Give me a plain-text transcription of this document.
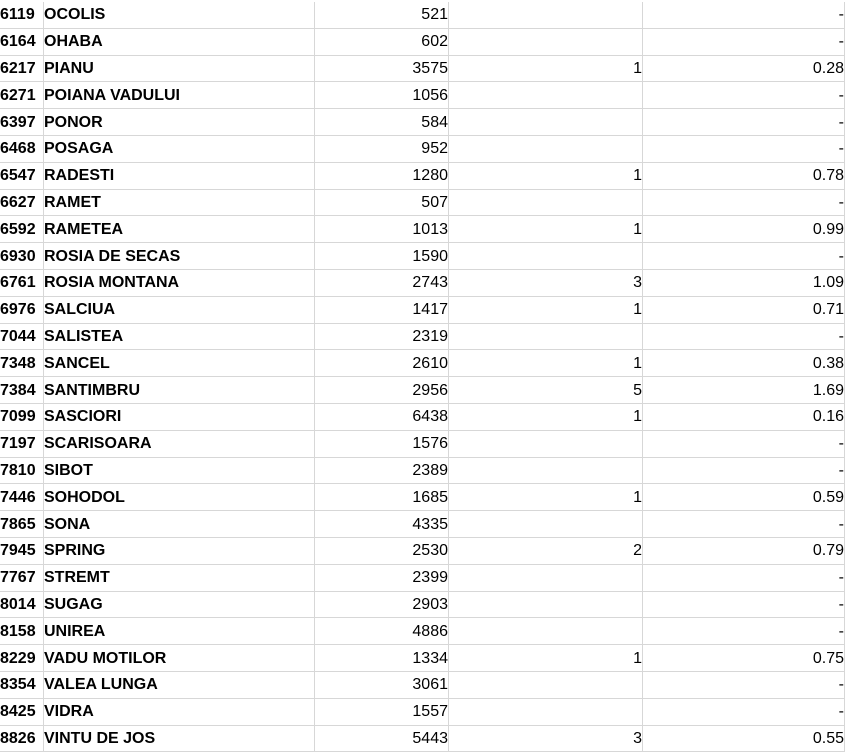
6119	OCOLIS	521		-
6164	OHABA	602		-
6217	PIANU	3575	1	0.28
6271	POIANA VADULUI	1056		-
6397	PONOR	584		-
6468	POSAGA	952		-
6547	RADESTI	1280	1	0.78
6627	RAMET	507		-
6592	RAMETEA	1013	1	0.99
6930	ROSIA DE SECAS	1590		-
6761	ROSIA MONTANA	2743	3	1.09
6976	SALCIUA	1417	1	0.71
7044	SALISTEA	2319		-
7348	SANCEL	2610	1	0.38
7384	SANTIMBRU	2956	5	1.69
7099	SASCIORI	6438	1	0.16
7197	SCARISOARA	1576		-
7810	SIBOT	2389		-
7446	SOHODOL	1685	1	0.59
7865	SONA	4335		-
7945	SPRING	2530	2	0.79
7767	STREMT	2399		-
8014	SUGAG	2903		-
8158	UNIREA	4886		-
8229	VADU MOTILOR	1334	1	0.75
8354	VALEA LUNGA	3061		-
8425	VIDRA	1557		-
8826	VINTU DE JOS	5443	3	0.55
